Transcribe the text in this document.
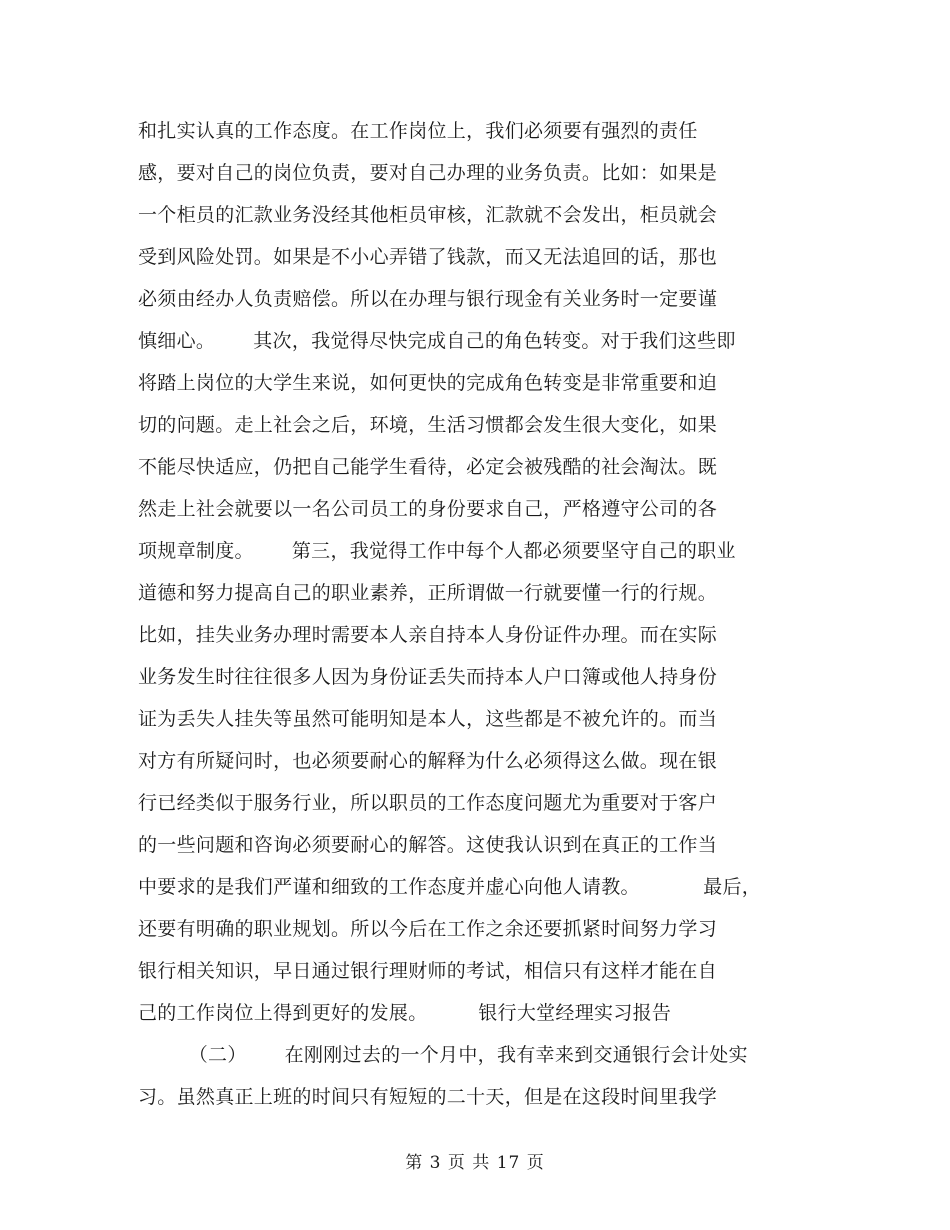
和扎实认真的工作态度。在工作岗位上，我们必须要有强烈的责任
感，要对自己的岗位负责，要对自己办理的业务负责。比如：如果是
一个柜员的汇款业务没经其他柜员审核，汇款就不会发出，柜员就会
受到风险处罚。如果是不小心弄错了钱款，而又无法追回的话，那也
必须由经办人负责赔偿。所以在办理与银行现金有关业务时一定要谨
慎细心。      其次，我觉得尽快完成自己的角色转变。对于我们这些即
将踏上岗位的大学生来说，如何更快的完成角色转变是非常重要和迫
切的问题。走上社会之后，环境，生活习惯都会发生很大变化，如果
不能尽快适应，仍把自己能学生看待，必定会被残酷的社会淘汰。既
然走上社会就要以一名公司员工的身份要求自己，严格遵守公司的各
项规章制度。      第三，我觉得工作中每个人都必须要坚守自己的职业
道德和努力提高自己的职业素养，正所谓做一行就要懂一行的行规。
比如，挂失业务办理时需要本人亲自持本人身份证件办理。而在实际
业务发生时往往很多人因为身份证丢失而持本人户口簿或他人持身份
证为丢失人挂失等虽然可能明知是本人，这些都是不被允许的。而当
对方有所疑问时，也必须要耐心的解释为什么必须得这么做。现在银
行已经类似于服务行业，所以职员的工作态度问题尤为重要对于客户
的一些问题和咨询必须要耐心的解答。这使我认识到在真正的工作当
中要求的是我们严谨和细致的工作态度并虚心向他人请教。          最后，
还要有明确的职业规划。所以今后在工作之余还要抓紧时间努力学习
银行相关知识，早日通过银行理财师的考试，相信只有这样才能在自
己的工作岗位上得到更好的发展。        银行大堂经理实习报告
（二）      在刚刚过去的一个月中，我有幸来到交通银行会计处实
习。虽然真正上班的时间只有短短的二十天，但是在这段时间里我学
第 3 页 共 17 页
